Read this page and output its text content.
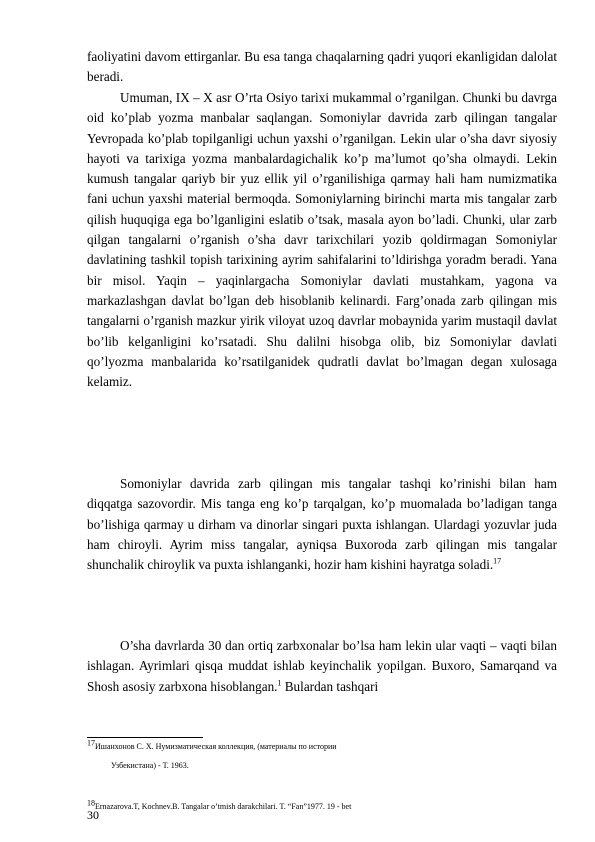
faoliyatini davom ettirganlar. Bu esa tanga chaqalarning qadri yuqori ekanligidan dalolat beradi.

Umuman, IX – X asr O’rta Osiyo tarixi mukammal o’rganilgan. Chunki bu davrga oid ko’plab yozma manbalar saqlangan. Somoniylar davrida zarb qilingan tangalar Yevropada ko’plab topilganligi uchun yaxshi o’rganilgan. Lekin ular o’sha davr siyosiy hayoti va tarixiga yozma manbalardagichalik ko’p ma’lumot qo’sha olmaydi. Lekin kumush tangalar qariyb bir yuz ellik yil o’rganilishiga qarmay hali ham numizmatika fani uchun yaxshi material bermoqda. Somoniylarning birinchi marta mis tangalar zarb qilish huquqiga ega bo’lganligini eslatib o’tsak, masala ayon bo’ladi. Chunki, ular zarb qilgan tangalarni o’rganish o’sha davr tarixchilari yozib qoldirmagan Somoniylar davlatining tashkil topish tarixining ayrim sahifalarini to’ldirishga yoradm beradi. Yana bir misol. Yaqin – yaqinlargacha Somoniylar davlati mustahkam, yagona va markazlashgan davlat bo’lgan deb hisoblanib kelinardi. Farg’onada zarb qilingan mis tangalarni o’rganish mazkur yirik viloyat uzoq davrlar mobaynida yarim mustaqil davlat bo’lib kelganligini ko’rsatadi. Shu dalilni hisobga olib, biz Somoniylar davlati qo’lyozma manbalarida ko’rsatilganidek qudratli davlat bo’lmagan degan xulosaga kelamiz.

Somoniylar davrida zarb qilingan mis tangalar tashqi ko’rinishi bilan ham diqqatga sazovordir. Mis tanga eng ko’p tarqalgan, ko’p muomalada bo’ladigan tanga bo’lishiga qarmay u dirham va dinorlar singari puxta ishlangan. Ulardagi yozuvlar juda ham chiroyli. Ayrim miss tangalar, ayniqsa Buxoroda zarb qilingan mis tangalar shunchalik chiroylik va puxta ishlanganki, hozir ham kishini hayratga soladi.$^{17}$

O’sha davrlarda 30 dan ortiq zarbxonalar bo’lsa ham lekin ular vaqti – vaqti bilan ishlagan. Ayrimlari qisqa muddat ishlab keyinchalik yopilgan. Buxoro, Samarqand va Shosh asosiy zarbxona hisoblangan.$^1$ Bulardan tashqari

$^{17}$Ишанхонов С. Х. Нумизматическая коллекция, (материалы по истории

Узбекистана) - Т. 1963.

$^{18}$Ernazarova.T, Kochnev.B. Tangalar o’tmish darakchilari. T. “Fan”1977. 19 - bet

30
